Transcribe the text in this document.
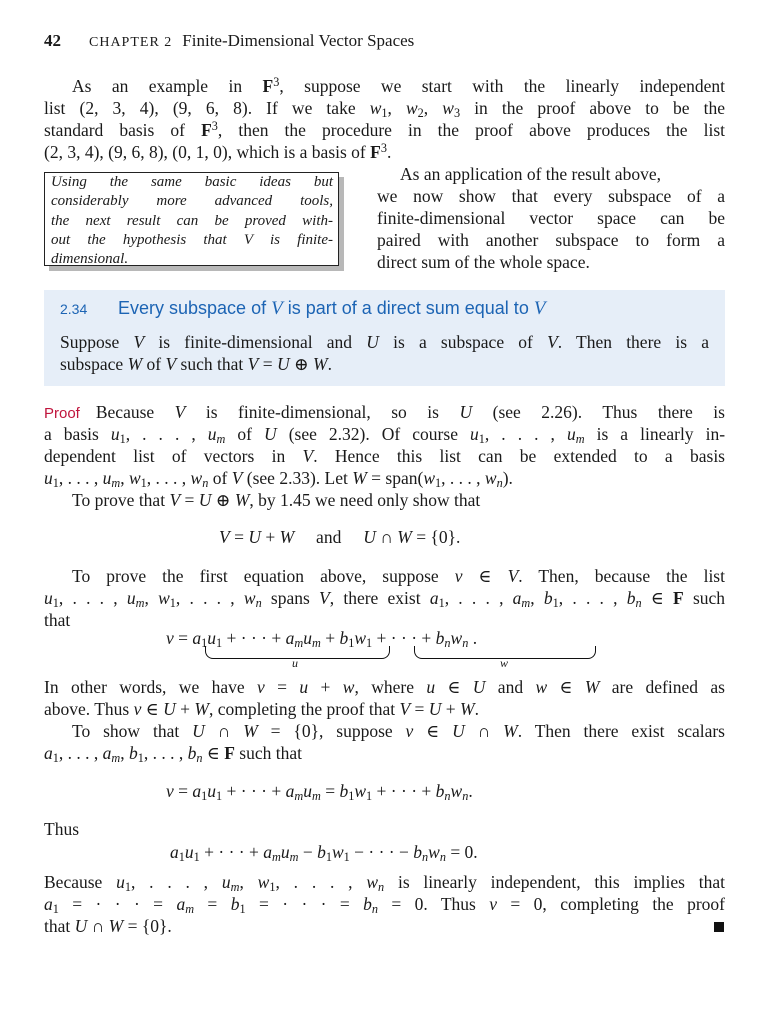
42 CHAPTER 2 Finite-Dimensional Vector Spaces
As an example in $F^3$, suppose we start with the linearly independent
list (2, 3, 4), (9, 6, 8). If we take $w_1$, $w_2$, $w_3$ in the proof above to be the
standard basis of $F^3$, then the procedure in the proof above produces the list
(2, 3, 4), (9, 6, 8), (0, 1, 0), which is a basis of $F^3$.
Using the same basic ideas but
considerably more advanced tools,
the next result can be proved with-
out the hypothesis that V is finite-
dimensional.
As an application of the result above,
we now show that every subspace of a
finite-dimensional vector space can be
paired with another subspace to form a
direct sum of the whole space.
2.34 Every subspace of V is part of a direct sum equal to V
Suppose V is finite-dimensional and U is a subspace of V. Then there is a
subspace W of V such that V = U ⊕ W.
Proof Because V is finite-dimensional, so is U (see 2.26). Thus there is
a basis $u_1$, . . . , $u_m$ of U (see 2.32). Of course $u_1$, . . . , $u_m$ is a linearly in-
dependent list of vectors in V. Hence this list can be extended to a basis
$u_1$, . . . , $u_m$, $w_1$, . . . , $w_n$ of V (see 2.33). Let $W = span(w_1$, . . . , $w_n$).
To prove that V = U ⊕ W, by 1.45 we need only show that
V = U + W     and     U ∩ W = {0}.
To prove the first equation above, suppose v ∈ V. Then, because the list
$u_1$, . . . , $u_m$, $w_1$, . . . , $w_n$ spans V, there exist $a_1$, . . . , $a_m$, $b_1$, . . . , $b_n$ ∈ F such
that
$v = a_1u_1$ + · · · + $a_mu_m + b_1w_1$ + · · · + $b_nw_n$ .
u	w
In other words, we have v = u + w, where u ∈ U and w ∈ W are defined as
above. Thus v ∈ U + W, completing the proof that V = U + W.
To show that U ∩ W = {0}, suppose v ∈ U ∩ W. Then there exist scalars
$a_1$, . . . , $a_m$, $b_1$, . . . , $b_n$ ∈ F such that
$v = a_1u_1$ + · · · + $a_mu_m = b_1w_1$ + · · · + $b_nw_n$.
Thus
$a_1u_1$ + · · · + $a_mu_m - b_1w_1$ − · · · − $b_nw_n = 0$.
Because $u_1$, . . . , $u_m$, $w_1$, . . . , $w_n$ is linearly independent, this implies that
$a_1$ = · · · = $a_m = b_1$ = · · · = $b_n = 0$. Thus v = 0, completing the proof
that U ∩ W = {0}.
